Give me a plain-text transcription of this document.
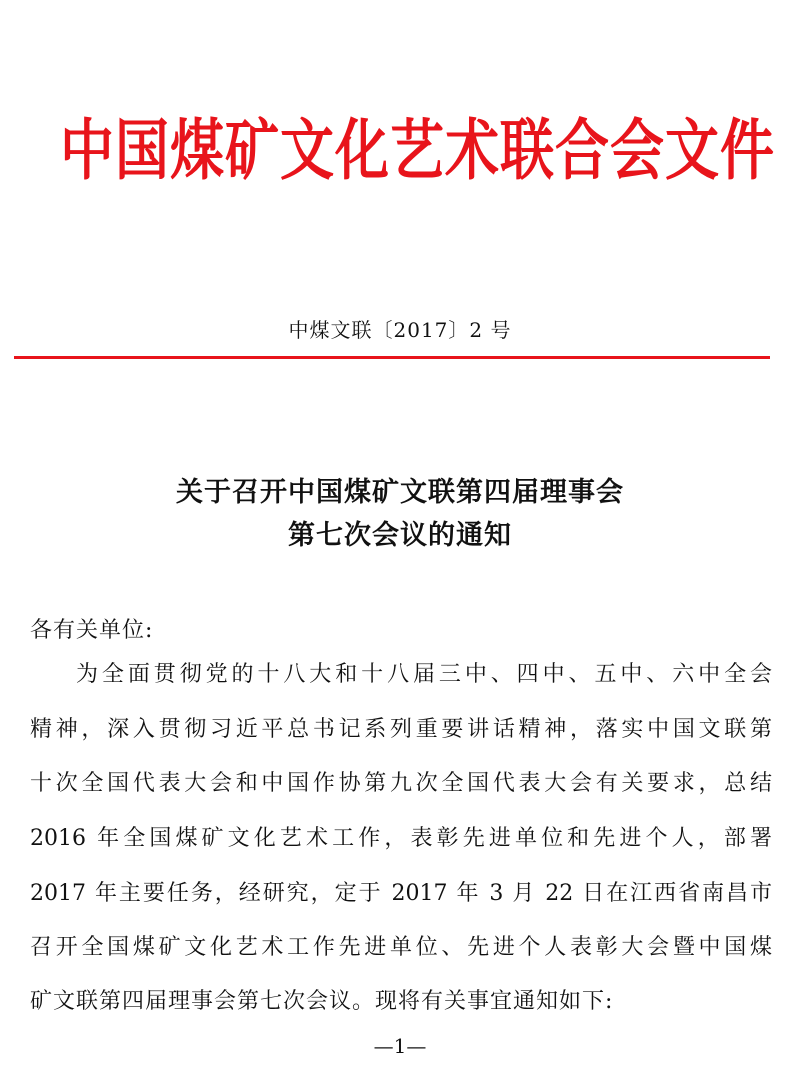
中国煤矿文化艺术联合会文件
中煤文联〔2017〕2 号
关于召开中国煤矿文联第四届理事会
第七次会议的通知
各有关单位:
为全面贯彻党的十八大和十八届三中、四中、五中、六中全会
精神，深入贯彻习近平总书记系列重要讲话精神，落实中国文联第
十次全国代表大会和中国作协第九次全国代表大会有关要求，总结
2016 年全国煤矿文化艺术工作，表彰先进单位和先进个人，部署
2017 年主要任务，经研究，定于 2017 年 3 月 22 日在江西省南昌市
召开全国煤矿文化艺术工作先进单位、先进个人表彰大会暨中国煤
矿文联第四届理事会第七次会议。现将有关事宜通知如下:
—1—
